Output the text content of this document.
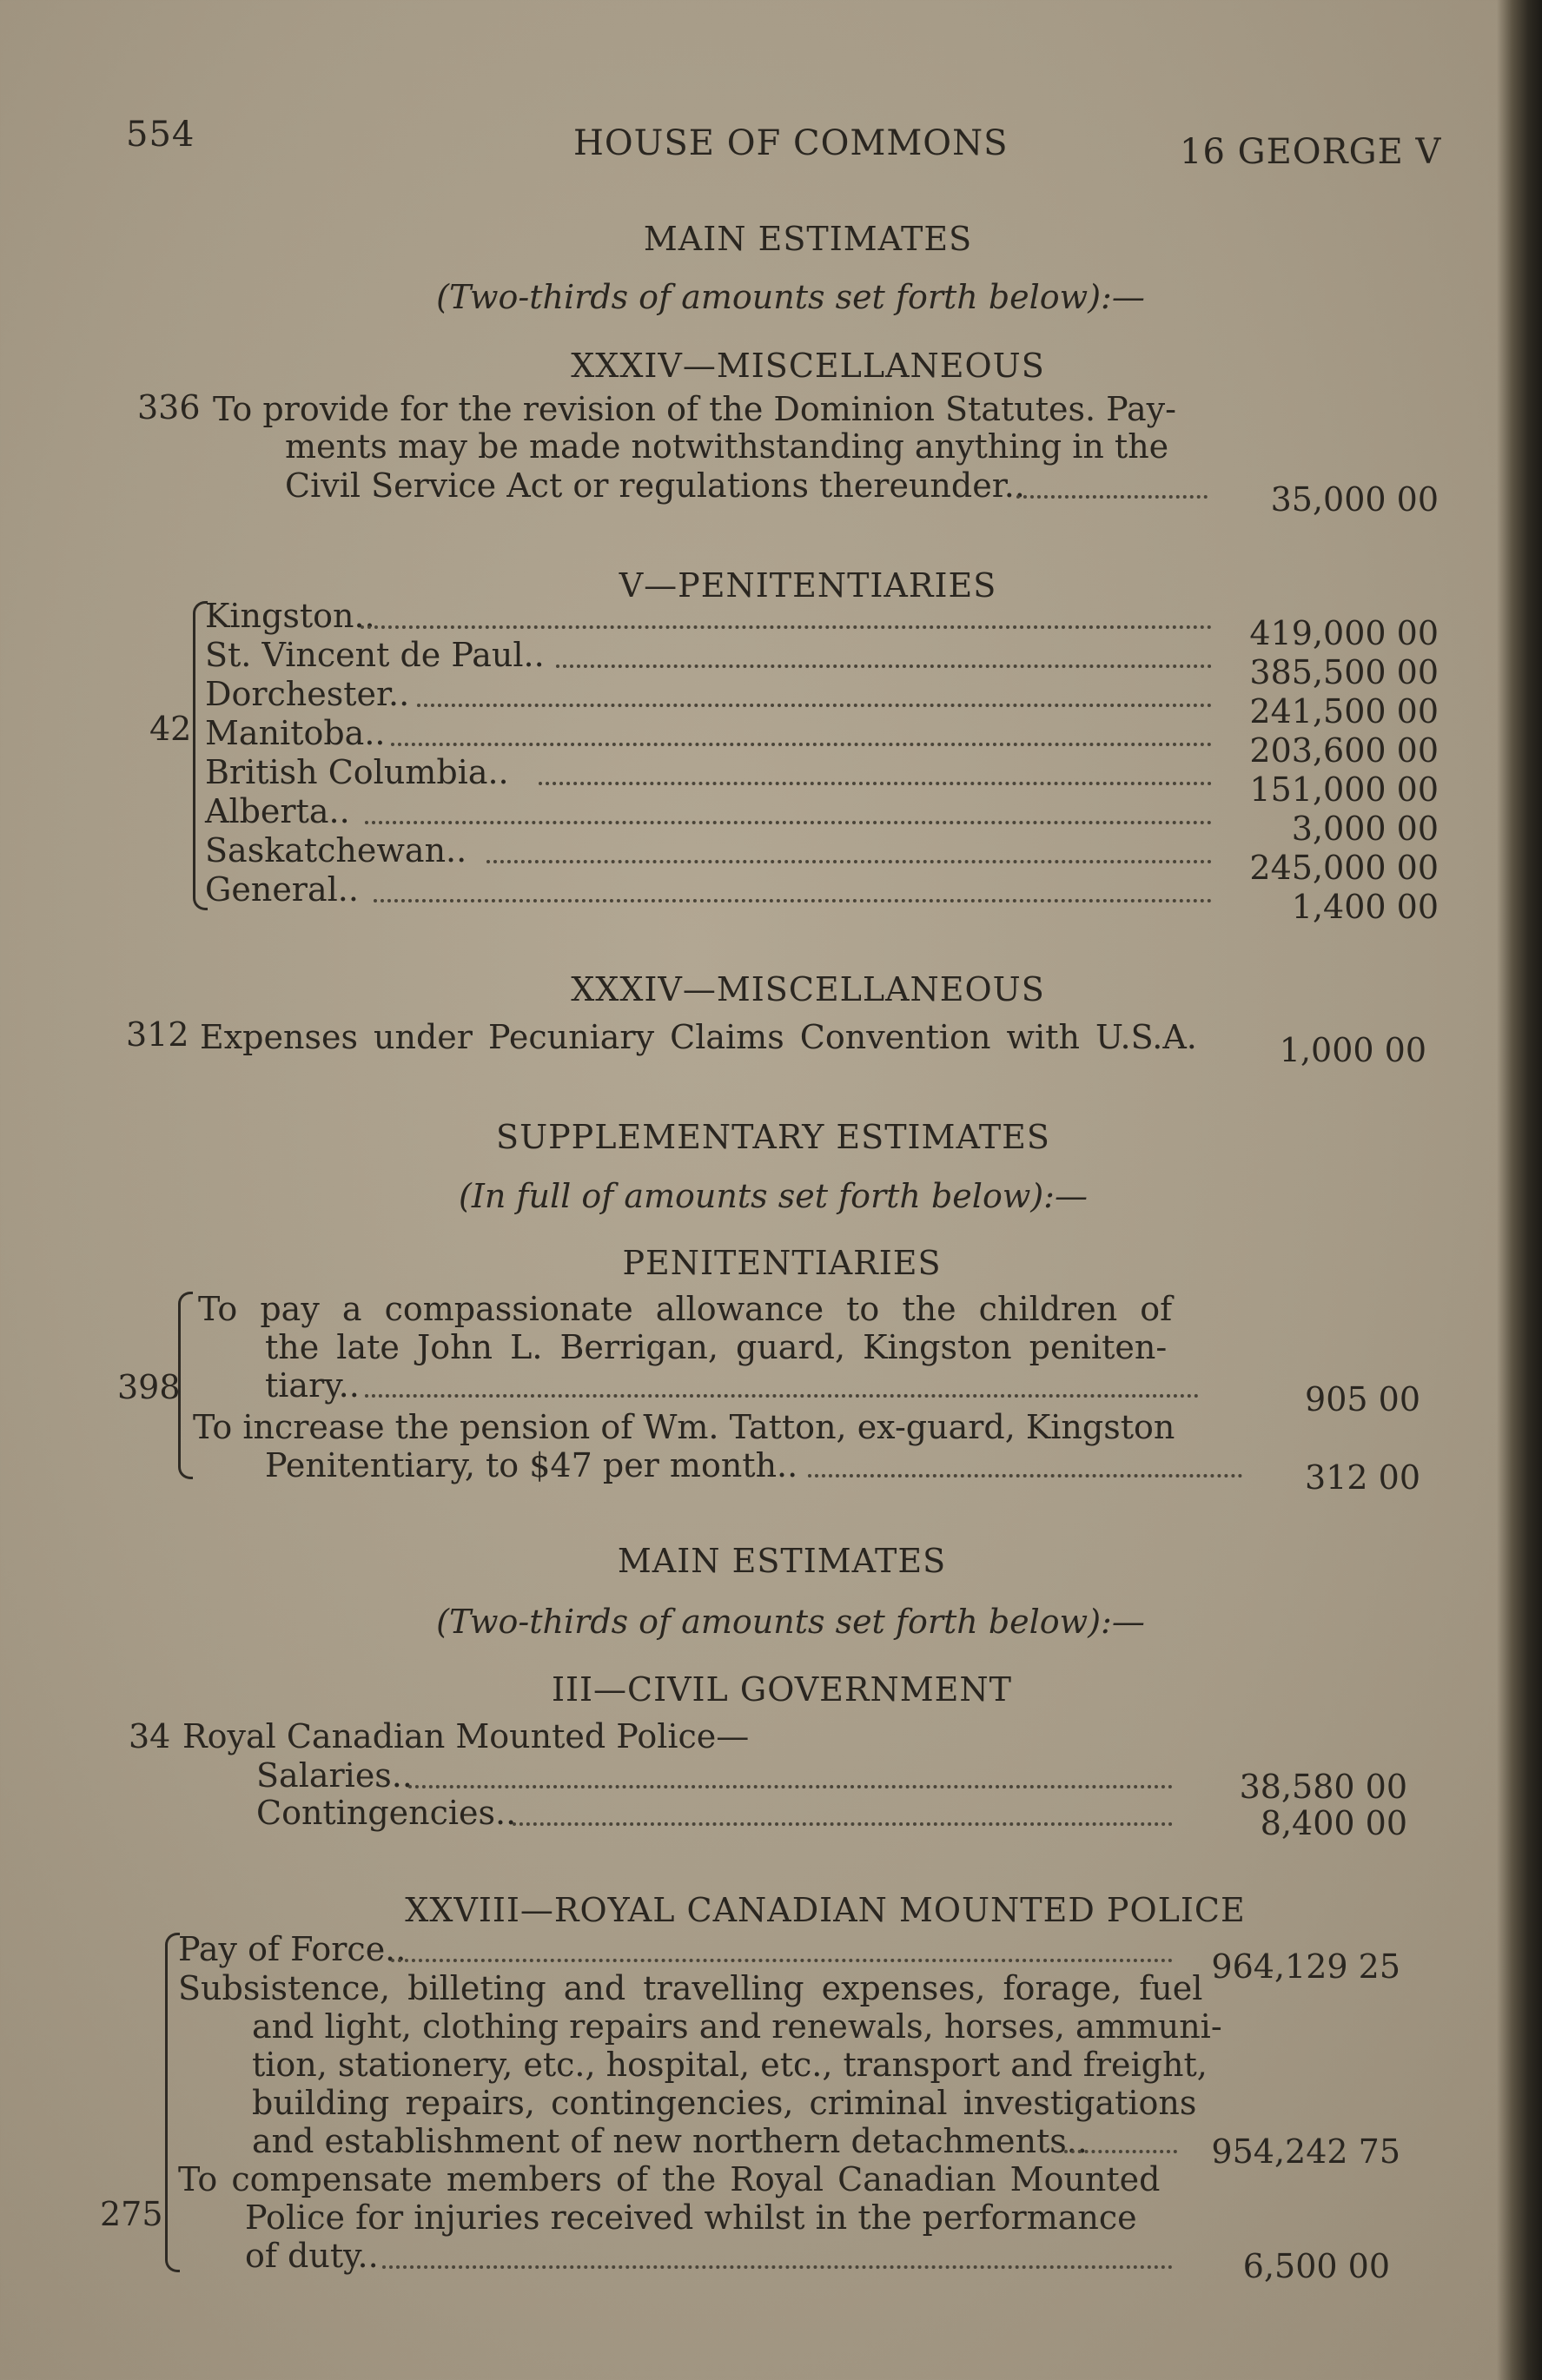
554	HOUSE OF COMMONS	16 GEORGE V
MAIN ESTIMATES
(Two-thirds of amounts set forth below):—
XXXIV—MISCELLANEOUS
336 To provide for the revision of the Dominion Statutes. Pay-
ments may be made notwithstanding anything in the
Civil Service Act or regulations thereunder..	35,000 00
V—PENITENTIARIES
42
Kingston..	419,000 00
St. Vincent de Paul..	385,500 00
Dorchester..	241,500 00
Manitoba..	203,600 00
British Columbia..	151,000 00
Alberta..	3,000 00
Saskatchewan..	245,000 00
General..	1,400 00
XXXIV—MISCELLANEOUS
312 Expenses under Pecuniary Claims Convention with U.S.A.	1,000 00
SUPPLEMENTARY ESTIMATES
(In full of amounts set forth below):—
PENITENTIARIES
398
To pay a compassionate allowance to the children of
the late John L. Berrigan, guard, Kingston peniten-
tiary..	905 00
To increase the pension of Wm. Tatton, ex-guard, Kingston
Penitentiary, to $47 per month..	312 00
MAIN ESTIMATES
(Two-thirds of amounts set forth below):—
III—CIVIL GOVERNMENT
34 Royal Canadian Mounted Police—
Salaries..	38,580 00
Contingencies..	8,400 00
XXVIII—ROYAL CANADIAN MOUNTED POLICE
275
Pay of Force..	964,129 25
Subsistence, billeting and travelling expenses, forage, fuel
and light, clothing repairs and renewals, horses, ammuni-
tion, stationery, etc., hospital, etc., transport and freight,
building repairs, contingencies, criminal investigations
and establishment of new northern detachments..	954,242 75
To compensate members of the Royal Canadian Mounted
Police for injuries received whilst in the performance
of duty..	6,500 00
